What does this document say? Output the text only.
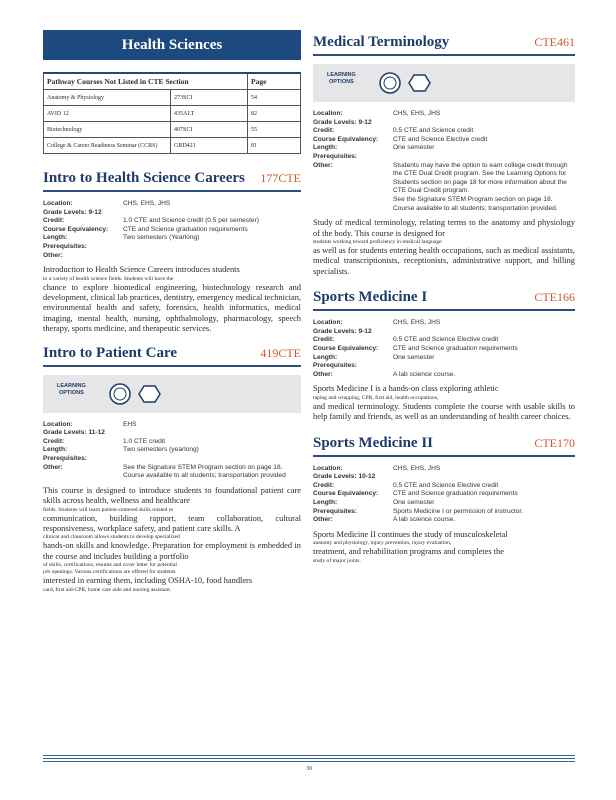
Health Sciences
Pathway Courses Not Listed in CTE Section		Page
Anatomy & Physiology	273SCI	54
AVID 12	435ALT	82
Biotechnology	407SCI	55
College & Career Readiness Seminar (CCRS)	GRD421	81
Intro to Health Science Careers 177CTE
Location:	CHS, EHS, JHS
Grade Levels: 9-12
Credit:	1.0 CTE and Science credit (0.5 per semester)
Course Equivalency:	CTE and Science graduation requirements
Length:	Two semesters (Yearlong)
Prerequisites:
Other:
Introduction to Health Science Careers introduces students
to a variety of health science fields. Students will have the
chance to explore biomedical engineering, biotechnology research and development, clinical lab practices, dentistry, emergency medical technician, environmental health and safety, forensics, health informatics, medical imaging, mental health, nursing, ophthalmology, pharmacology, speech therapy, sports medicine, and therapeutic services.
Intro to Patient Care	419CTE
LEARNING
OPTIONS
Location:	EHS
Grade Levels: 11-12
Credit:	1.0 CTE credit
Length:	Two semesters (yearlong)
Prerequisites:
Other:	See the Signature STEM Program section on page 18. Course available to all students; transportation provided
This course is designed to introduce students to foundational patient care skills across health, wellness and healthcare
fields. Students will learn patient-centered skills related to
communication, building rapport, team collaboration, cultural responsiveness, workplace safety, and patient care skills. A
clinical and classroom allows students to develop specialized
hands-on skills and knowledge. Preparation for employment is embedded in the course and includes building a portfolio
of skills, certifications, resume and cover letter for potential
job openings. Various certifications are offered for students
interested in earning them, including OSHA-10, food handlers
card, first aid-CPR, home care aide and nursing assistant.
Medical Terminology	CTE461
LEARNING
OPTIONS
Location:	CHS, EHS, JHS
Grade Levels: 9-12
Credit:	0.5 CTE and Science credit
Course Equivalency:	CTE and Science Elective credit
Length:	One semester
Prerequisites:
Other:	Students may have the option to earn college credit through the CTE Dual Credit program. See the Learning Options for Students section on page 18 for more information about the CTE Dual Credit program.
See the Signature STEM Program section on page 18. Course available to all students; transportation provided.
Study of medical terminology, relating terms to the anatomy and physiology of the body. This course is designed for
students working toward proficiency in medical language
as well as for students entering health occupations, such as medical assistants, medical transcriptionists, receptionists, administrative support, and billing specialists.
Sports Medicine I	CTE166
Location:	CHS, EHS, JHS
Grade Levels: 9-12
Credit:	0.5 CTE and Science Elective credit
Course Equivalency:	CTE and Science graduation requirements
Length:	One semester
Prerequisites:
Other:	A lab science course.
Sports Medicine I is a hands-on class exploring athletic
taping and wrapping, CPR, first aid, health occupations,
and medical terminology. Students complete the course with usable skills to help family and friends, as well as an understanding of health career choices.
Sports Medicine II	CTE170
Location:	CHS, EHS, JHS
Grade Levels: 10-12
Credit:	0.5 CTE and Science Elective credit
Course Equivalency:	CTE and Science graduation requirements
Length:	One semester
Prerequisites:	Sports Medicine I or permission of instructor.
Other:	A lab science course.
Sports Medicine II continues the study of musculoskeletal
anatomy and physiology, injury prevention, injury evaluation,
treatment, and rehabilitation programs and completes the
study of major joints.
30
